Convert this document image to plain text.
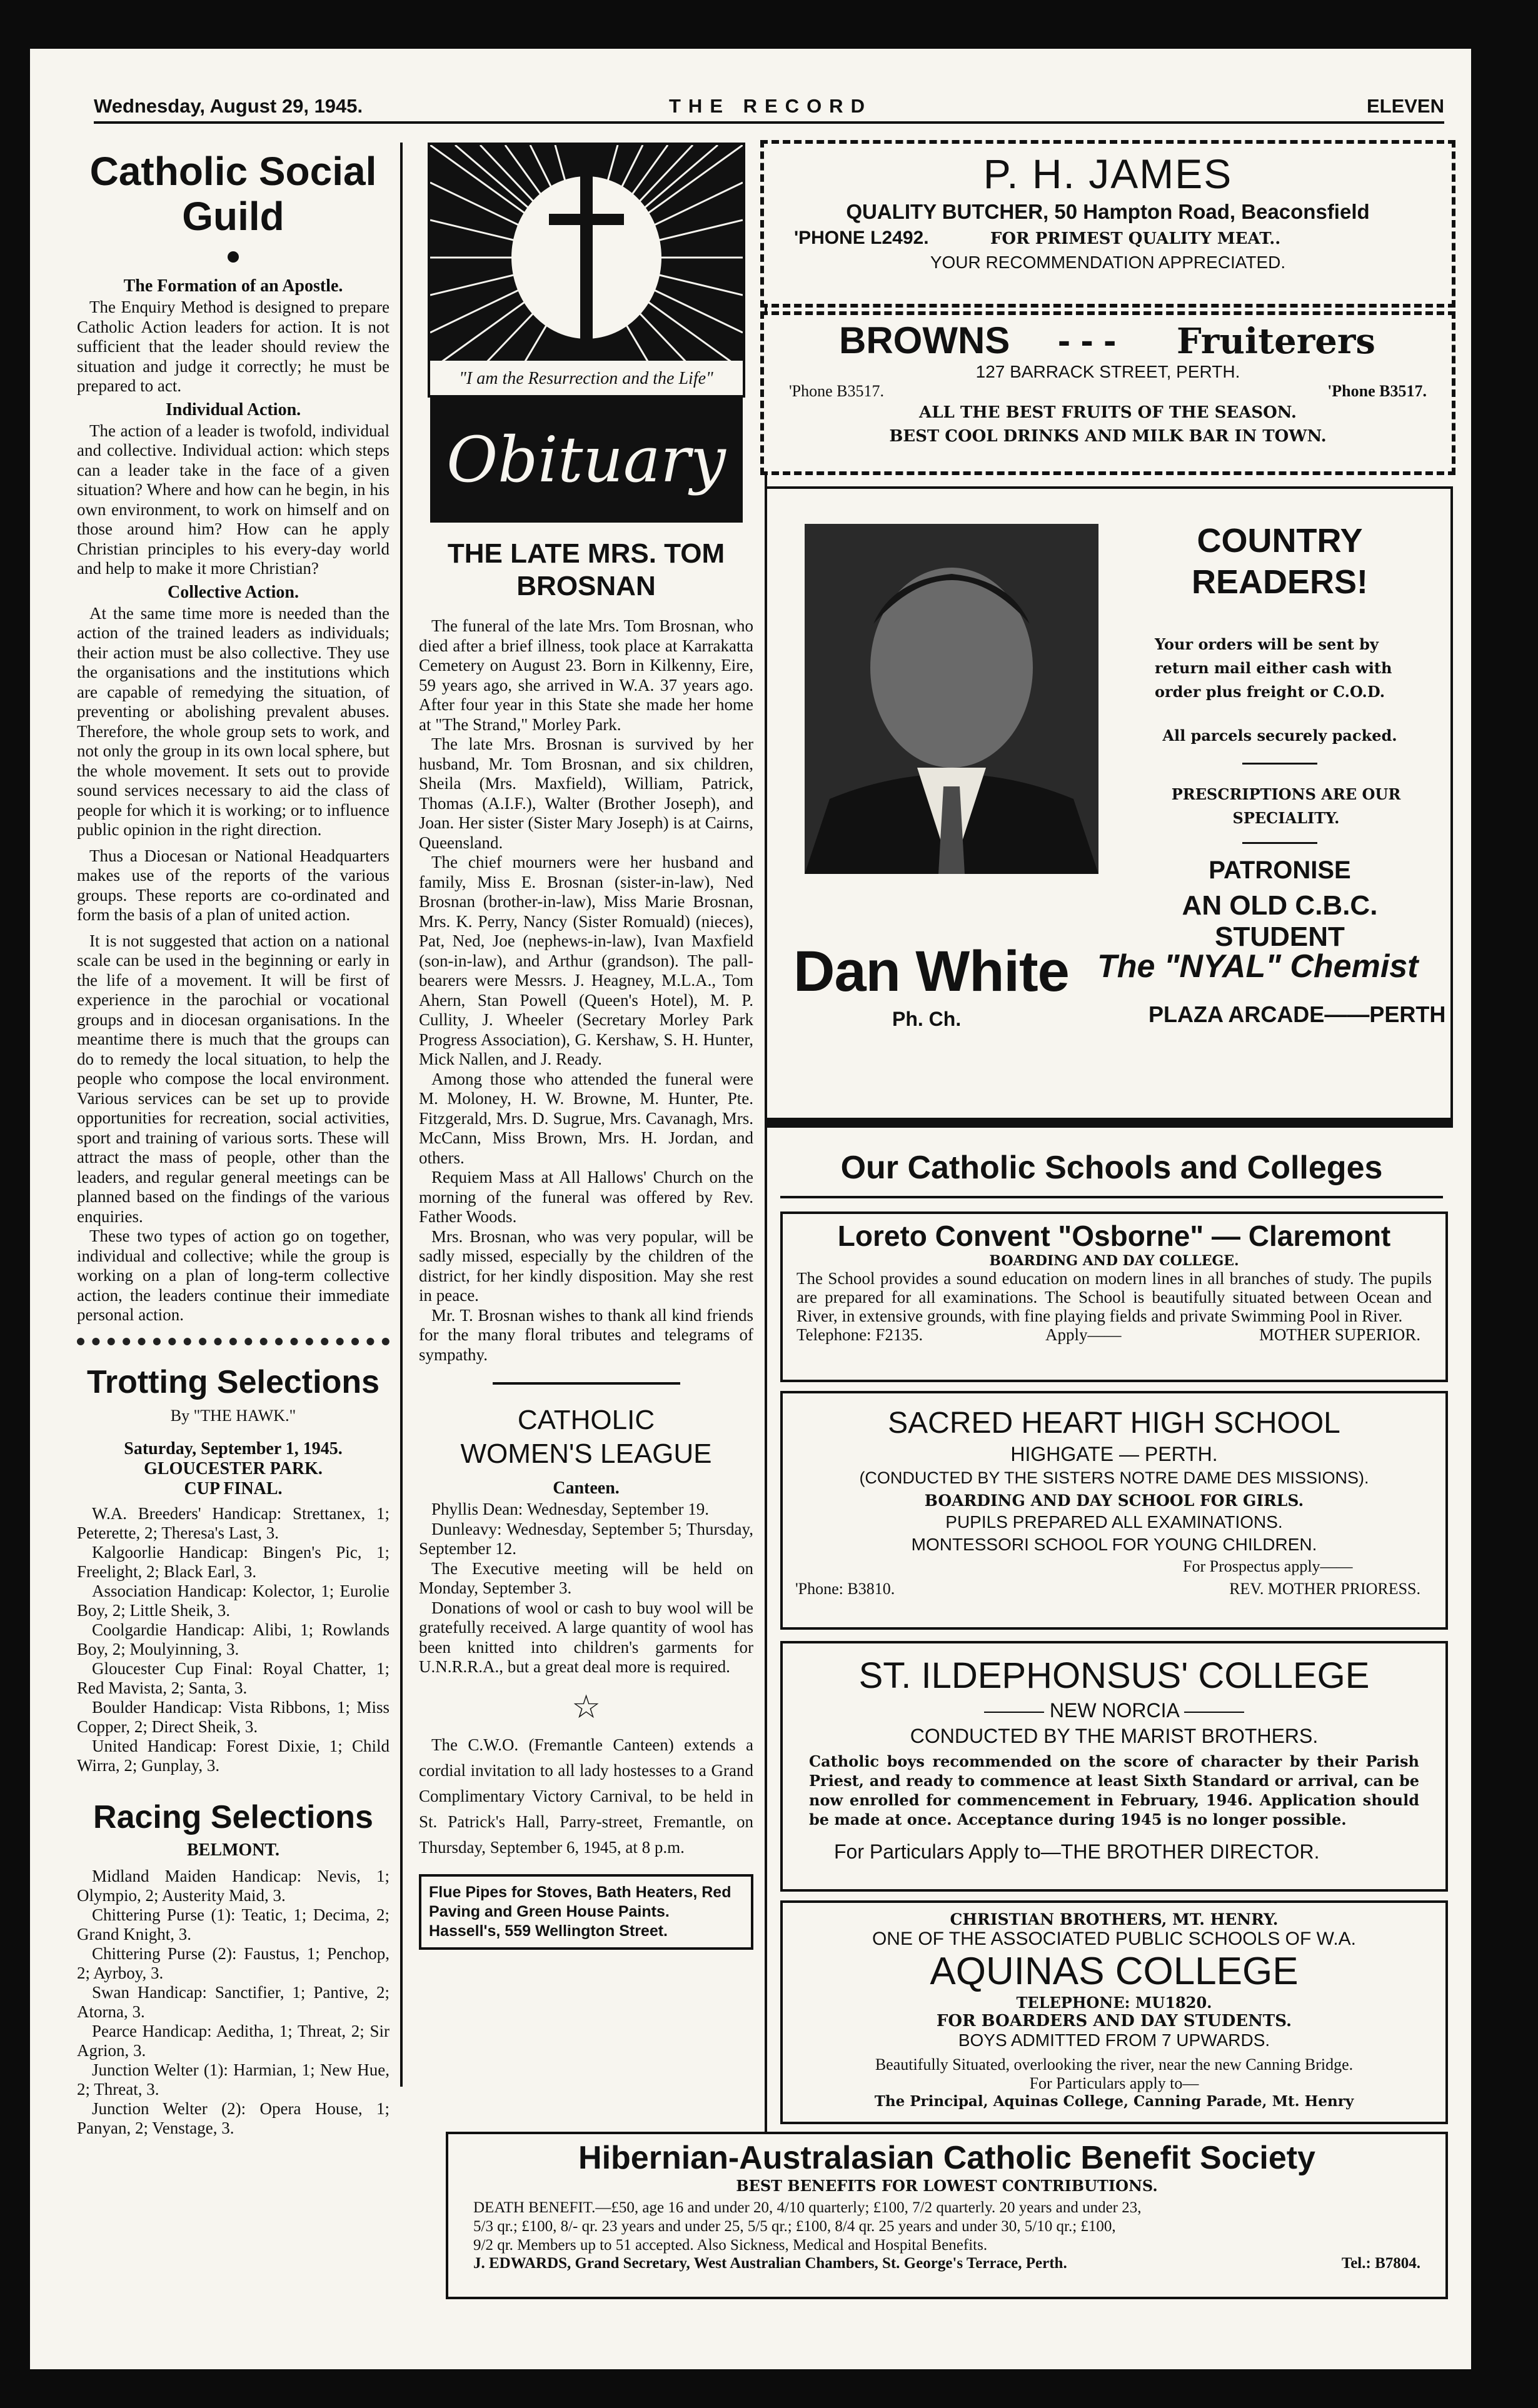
Wednesday, August 29, 1945.	THE RECORD	ELEVEN
Catholic Social
Guild
The Formation of an Apostle.

The Enquiry Method is designed to prepare Catholic Action leaders for action. It is not sufficient that the leader should review the situation and judge it correctly; he must be prepared to act.

Individual Action.

The action of a leader is twofold, individual and collective. Individual action: which steps can a leader take in the face of a given situation? Where and how can he begin, in his own environment, to work on himself and on those around him? How can he apply Christian principles to his every-day world and help to make it more Christian?

Collective Action.

At the same time more is needed than the action of the trained leaders as individuals; their action must be also collective. They use the organisations and the institutions which are capable of remedying the situation, of preventing or abolishing prevalent abuses. Therefore, the whole group sets to work, and not only the group in its own local sphere, but the whole movement. It sets out to provide sound services necessary to aid the class of people for which it is working; or to influence public opinion in the right direction.

Thus a Diocesan or National Headquarters makes use of the reports of the various groups. These reports are co-ordinated and form the basis of a plan of united action.

It is not suggested that action on a national scale can be used in the beginning or early in the life of a movement. It will be first of experience in the parochial or vocational groups and in diocesan organisations. In the meantime there is much that the groups can do to remedy the local situation, to help the people who compose the local environment. Various services can be set up to provide opportunities for recreation, social activities, sport and training of various sorts. These will attract the mass of people, other than the leaders, and regular general meetings can be planned based on the findings of the various enquiries.

These two types of action go on together, individual and collective; while the group is working on a plan of long-term collective action, the leaders continue their immediate personal action.

Trotting Selections
By "THE HAWK."
Saturday, September 1, 1945.
GLOUCESTER PARK.
CUP FINAL.

W.A. Breeders' Handicap: Strettanex, 1; Peterette, 2; Theresa's Last, 3.

Kalgoorlie Handicap: Bingen's Pic, 1; Freelight, 2; Black Earl, 3.

Association Handicap: Kolector, 1; Eurolie Boy, 2; Little Sheik, 3.

Coolgardie Handicap: Alibi, 1; Rowlands Boy, 2; Moulyinning, 3.

Gloucester Cup Final: Royal Chatter, 1; Red Mavista, 2; Santa, 3.

Boulder Handicap: Vista Ribbons, 1; Miss Copper, 2; Direct Sheik, 3.

United Handicap: Forest Dixie, 1; Child Wirra, 2; Gunplay, 3.

Racing Selections
BELMONT.

Midland Maiden Handicap: Nevis, 1; Olympio, 2; Austerity Maid, 3.

Chittering Purse (1): Teatic, 1; Decima, 2; Grand Knight, 3.

Chittering Purse (2): Faustus, 1; Penchop, 2; Ayrboy, 3.

Swan Handicap: Sanctifier, 1; Pantive, 2; Atorna, 3.

Pearce Handicap: Aeditha, 1; Threat, 2; Sir Agrion, 3.

Junction Welter (1): Harmian, 1; New Hue, 2; Threat, 3.

Junction Welter (2): Opera House, 1; Panyan, 2; Venstage, 3.

"I am the Resurrection and the Life"
Obituary
THE LATE MRS. TOM
BROSNAN

The funeral of the late Mrs. Tom Brosnan, who died after a brief illness, took place at Karrakatta Cemetery on August 23. Born in Kilkenny, Eire, 59 years ago, she arrived in W.A. 37 years ago. After four year in this State she made her home at "The Strand," Morley Park.

The late Mrs. Brosnan is survived by her husband, Mr. Tom Brosnan, and six children, Sheila (Mrs. Maxfield), William, Patrick, Thomas (A.I.F.), Walter (Brother Joseph), and Joan. Her sister (Sister Mary Joseph) is at Cairns, Queensland.

The chief mourners were her husband and family, Miss E. Brosnan (sister-in-law), Ned Brosnan (brother-in-law), Miss Marie Brosnan, Mrs. K. Perry, Nancy (Sister Romuald) (nieces), Pat, Ned, Joe (nephews-in-law), Ivan Maxfield (son-in-law), and Arthur (grandson). The pall-bearers were Messrs. J. Heagney, M.L.A., Tom Ahern, Stan Powell (Queen's Hotel), M. P. Cullity, J. Wheeler (Secretary Morley Park Progress Association), G. Kershaw, S. H. Hunter, Mick Nallen, and J. Ready.

Among those who attended the funeral were M. Moloney, H. W. Browne, M. Hunter, Pte. Fitzgerald, Mrs. D. Sugrue, Mrs. Cavanagh, Mrs. McCann, Miss Brown, Mrs. H. Jordan, and others.

Requiem Mass at All Hallows' Church on the morning of the funeral was offered by Rev. Father Woods.

Mrs. Brosnan, who was very popular, will be sadly missed, especially by the children of the district, for her kindly disposition. May she rest in peace.

Mr. T. Brosnan wishes to thank all kind friends for the many floral tributes and telegrams of sympathy.

CATHOLIC
WOMEN'S LEAGUE
Canteen.

Phyllis Dean: Wednesday, September 19.

Dunleavy: Wednesday, September 5; Thursday, September 12.

The Executive meeting will be held on Monday, September 3.

Donations of wool or cash to buy wool will be gratefully received. A large quantity of wool has been knitted into children's garments for U.N.R.R.A., but a great deal more is required.

☆

The C.W.O. (Fremantle Canteen) extends a cordial invitation to all lady hostesses to a Grand Complimentary Victory Carnival, to be held in St. Patrick's Hall, Parry-street, Fremantle, on Thursday, September 6, 1945, at 8 p.m.

Flue Pipes for Stoves, Bath Heaters, Red Paving and Green House Paints. Hassell's, 559 Wellington Street.
P. H. JAMES
QUALITY BUTCHER, 50 Hampton Road, Beaconsfield
'PHONE L2492.	FOR PRIMEST QUALITY MEAT..
YOUR RECOMMENDATION APPRECIATED.
BROWNS - - - Fruiterers
127 BARRACK STREET, PERTH.
'Phone B3517.	'Phone B3517.
ALL THE BEST FRUITS OF THE SEASON.
BEST COOL DRINKS AND MILK BAR IN TOWN.
COUNTRY
READERS!
Your orders will be sent by return mail either cash with order plus freight or C.O.D.
All parcels securely packed.
PRESCRIPTIONS ARE OUR SPECIALITY.
PATRONISE
AN OLD C.B.C. STUDENT
Dan White
Ph. Ch.
The "NYAL" Chemist
PLAZA ARCADE——PERTH
Our Catholic Schools and Colleges
Loreto Convent "Osborne" — Claremont
BOARDING AND DAY COLLEGE.
The School provides a sound education on modern lines in all branches of study. The pupils are prepared for all examinations. The School is beautifully situated between Ocean and River, in extensive grounds, with fine playing fields and private Swimming Pool in River.
Telephone: F2135.	Apply——	MOTHER SUPERIOR.
SACRED HEART HIGH SCHOOL
HIGHGATE — PERTH.
(CONDUCTED BY THE SISTERS NOTRE DAME DES MISSIONS).
BOARDING AND DAY SCHOOL FOR GIRLS.
PUPILS PREPARED ALL EXAMINATIONS.
MONTESSORI SCHOOL FOR YOUNG CHILDREN.
For Prospectus apply——
'Phone: B3810.	REV. MOTHER PRIORESS.
ST. ILDEPHONSUS' COLLEGE
——— NEW NORCIA ———
CONDUCTED BY THE MARIST BROTHERS.
Catholic boys recommended on the score of character by their Parish Priest, and ready to commence at least Sixth Standard or arrival, can be now enrolled for commencement in February, 1946. Application should be made at once. Acceptance during 1945 is no longer possible.
For Particulars Apply to—THE BROTHER DIRECTOR.
CHRISTIAN BROTHERS, MT. HENRY.
ONE OF THE ASSOCIATED PUBLIC SCHOOLS OF W.A.
AQUINAS COLLEGE
TELEPHONE: MU1820.
FOR BOARDERS AND DAY STUDENTS.
BOYS ADMITTED FROM 7 UPWARDS.
Beautifully Situated, overlooking the river, near the new Canning Bridge.
For Particulars apply to—
The Principal, Aquinas College, Canning Parade, Mt. Henry
Hibernian-Australasian Catholic Benefit Society
BEST BENEFITS FOR LOWEST CONTRIBUTIONS.
DEATH BENEFIT.—£50, age 16 and under 20, 4/10 quarterly; £100, 7/2 quarterly. 20 years and under 23,
5/3 qr.; £100, 8/- qr. 23 years and under 25, 5/5 qr.; £100, 8/4 qr. 25 years and under 30, 5/10 qr.; £100,
9/2 qr. Members up to 51 accepted. Also Sickness, Medical and Hospital Benefits.
J. EDWARDS, Grand Secretary, West Australian Chambers, St. George's Terrace, Perth.	Tel.: B7804.
